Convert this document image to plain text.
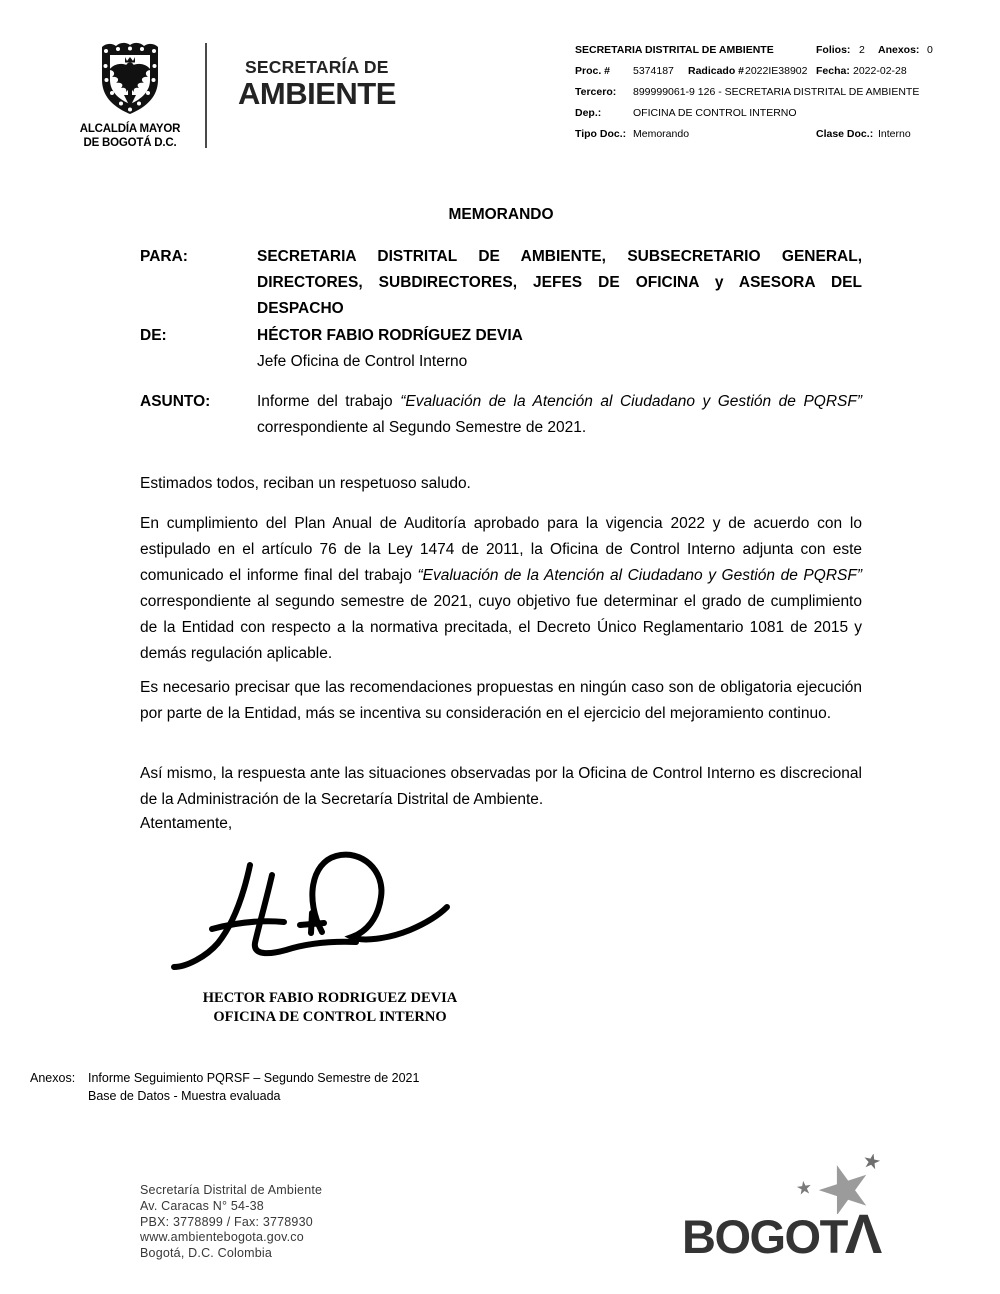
ALCALDÍA MAYOR
DE BOGOTÁ D.C.
SECRETARÍA DE
AMBIENTE
SECRETARIA DISTRITAL DE AMBIENTE	Folios: 2 Anexos: 0
Proc. # 5374187 Radicado # 2022IE38902 Fecha: 2022-02-28
Tercero: 899999061-9 126 - SECRETARIA DISTRITAL DE AMBIENTE
Dep.:	OFICINA DE CONTROL INTERNO
Tipo Doc.: Memorando	Clase Doc.: Interno
MEMORANDO
PARA:	SECRETARIA DISTRITAL DE AMBIENTE, SUBSECRETARIO GENERAL, DIRECTORES, SUBDIRECTORES, JEFES DE OFICINA y ASESORA DEL DESPACHO
DE:	HÉCTOR FABIO RODRÍGUEZ DEVIA
Jefe Oficina de Control Interno
ASUNTO:	Informe del trabajo “Evaluación de la Atención al Ciudadano y Gestión de PQRSF” correspondiente al Segundo Semestre de 2021.
Estimados todos, reciban un respetuoso saludo.
En cumplimiento del Plan Anual de Auditoría aprobado para la vigencia 2022 y de acuerdo con lo estipulado en el artículo 76 de la Ley 1474 de 2011, la Oficina de Control Interno adjunta con este comunicado el informe final del trabajo “Evaluación de la Atención al Ciudadano y Gestión de PQRSF” correspondiente al segundo semestre de 2021, cuyo objetivo fue determinar el grado de cumplimiento de la Entidad con respecto a la normativa precitada, el Decreto Único Reglamentario 1081 de 2015 y demás regulación aplicable.
Es necesario precisar que las recomendaciones propuestas en ningún caso son de obligatoria ejecución por parte de la Entidad, más se incentiva su consideración en el ejercicio del mejoramiento continuo.
Así mismo, la respuesta ante las situaciones observadas por la Oficina de Control Interno es discrecional de la Administración de la Secretaría Distrital de Ambiente.
Atentamente,
HECTOR FABIO RODRIGUEZ DEVIA
OFICINA DE CONTROL INTERNO
Anexos:	Informe Seguimiento PQRSF – Segundo Semestre de 2021
Base de Datos - Muestra evaluada
Secretaría Distrital de Ambiente
Av. Caracas N° 54-38
PBX: 3778899 / Fax: 3778930
www.ambientebogota.gov.co
Bogotá, D.C. Colombia	BOGOTΛ
